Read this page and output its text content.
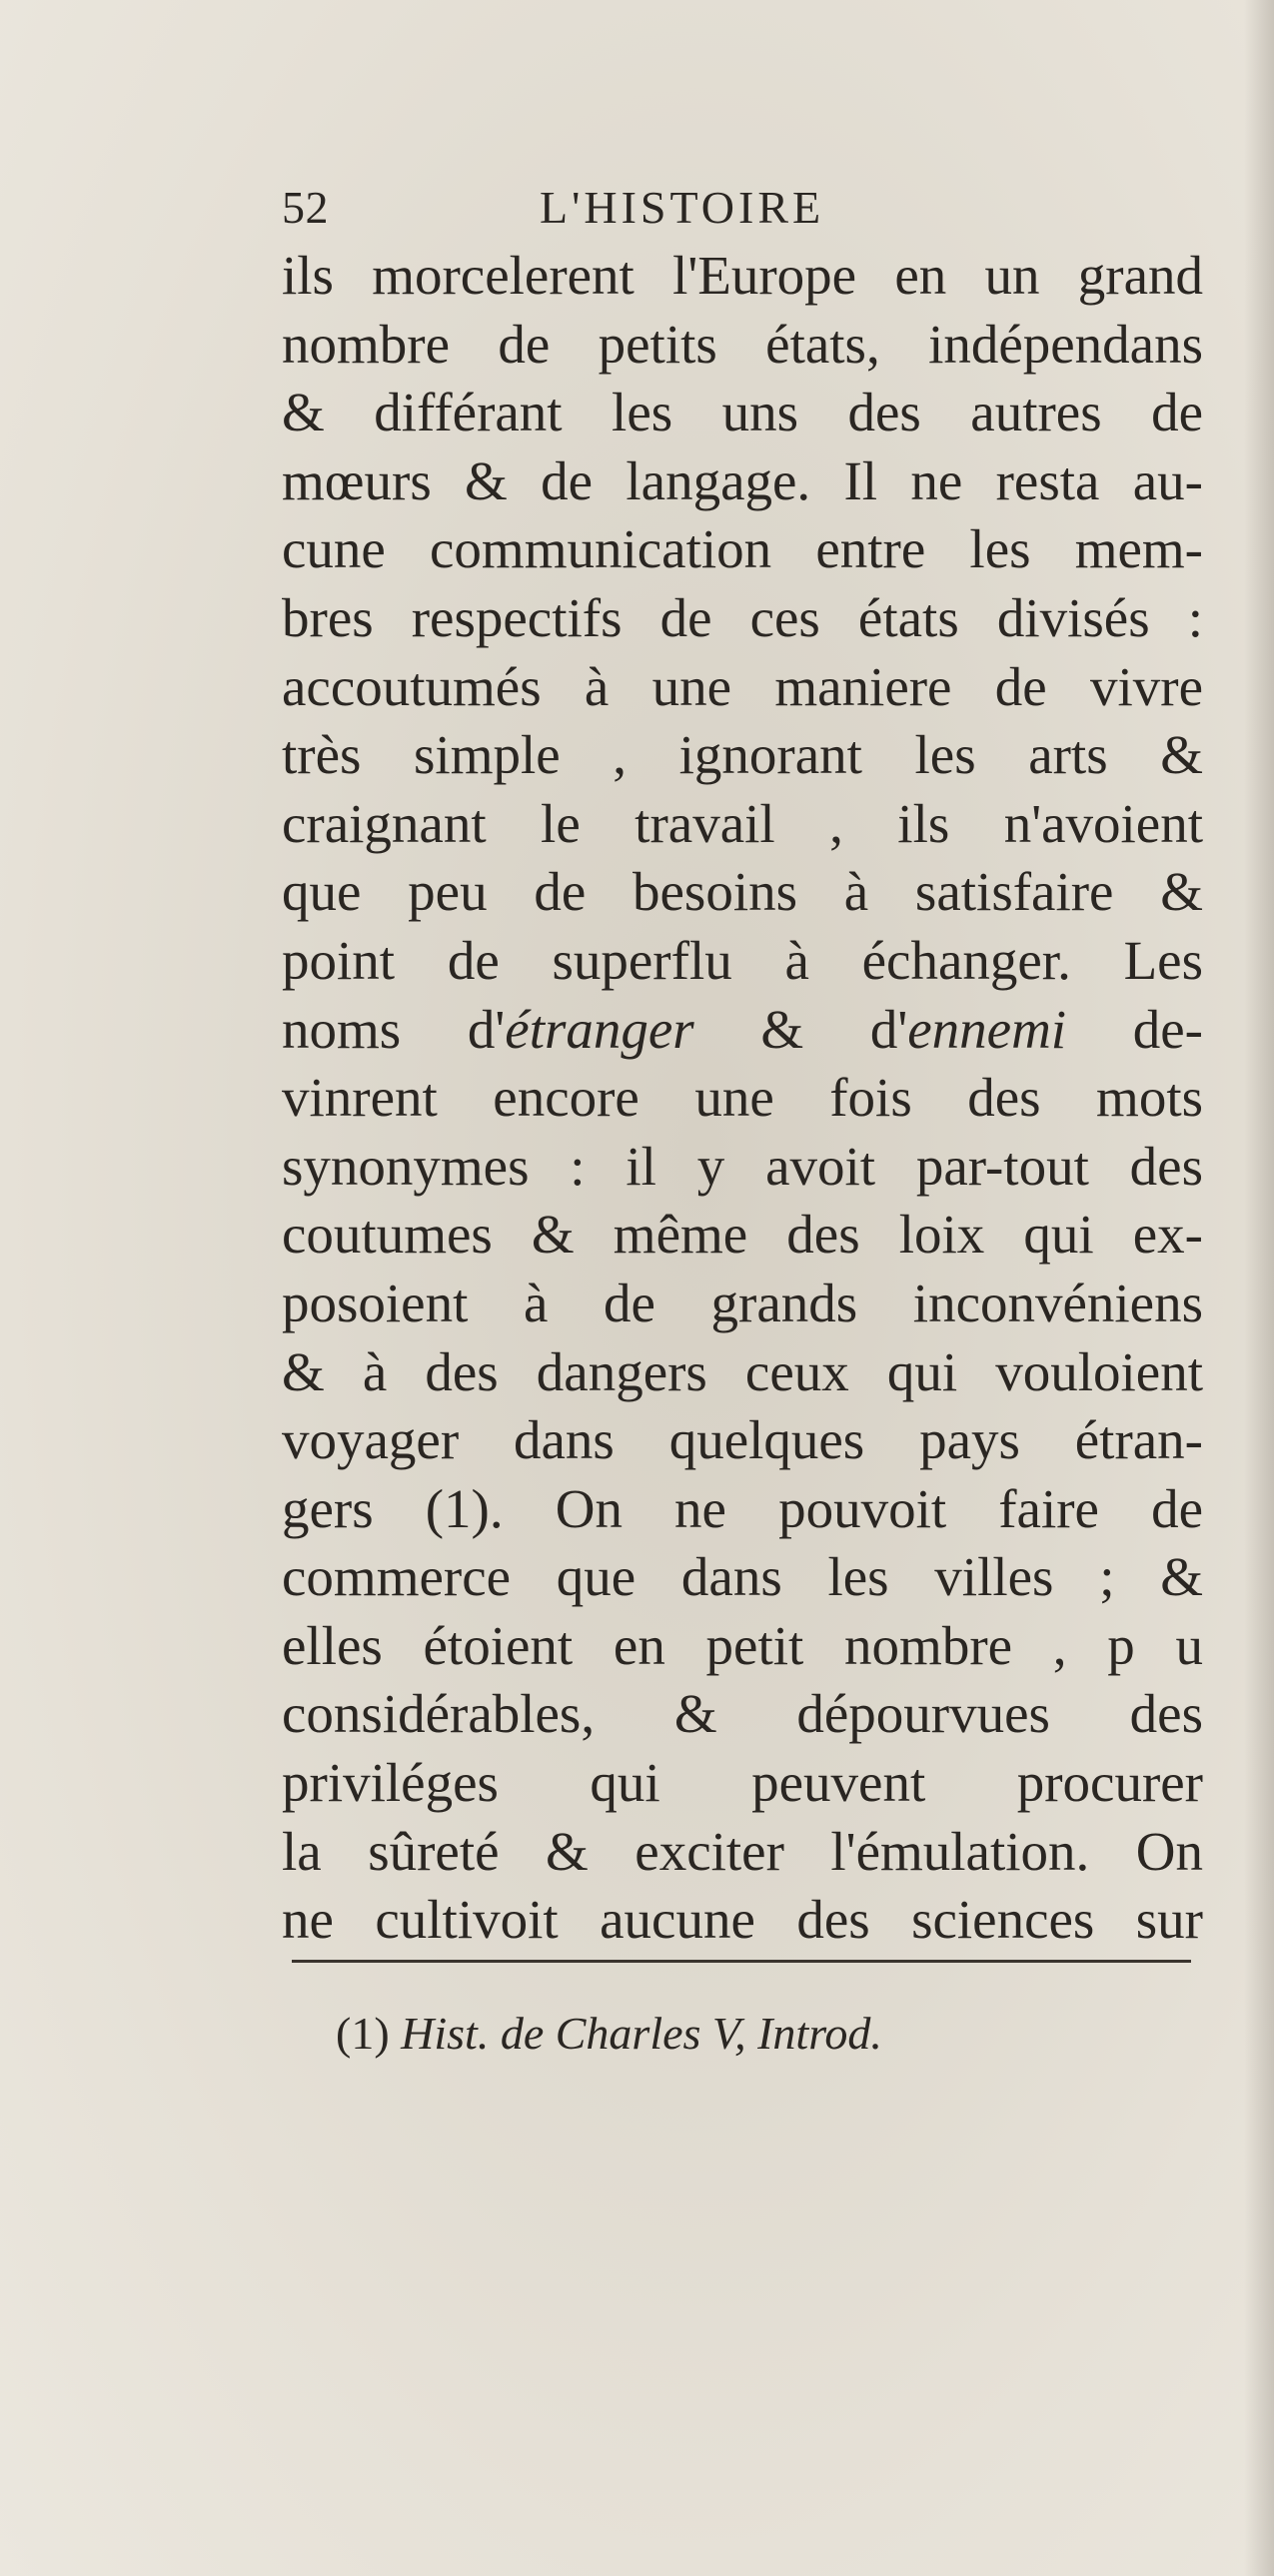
52	L'HISTOIRE
ils morcelerent l'Europe en un grand
nombre de petits états, indépendans
& différant les uns des autres de
mœurs & de langage. Il ne resta au-
cune communication entre les mem-
bres respectifs de ces états divisés :
accoutumés à une maniere de vivre
très simple , ignorant les arts &
craignant le travail , ils n'avoient
que peu de besoins à satisfaire &
point de superflu à échanger. Les
noms d'étranger & d'ennemi de-
vinrent encore une fois des mots
synonymes : il y avoit par-tout des
coutumes & même des loix qui ex-
posoient à de grands inconvéniens
& à des dangers ceux qui vouloient
voyager dans quelques pays étran-
gers (1). On ne pouvoit faire de
commerce que dans les villes ; &
elles étoient en petit nombre , p u
considérables, & dépourvues des
priviléges qui peuvent procurer
la sûreté & exciter l'émulation. On
ne cultivoit aucune des sciences sur
(1) Hist. de Charles V, Introd.
